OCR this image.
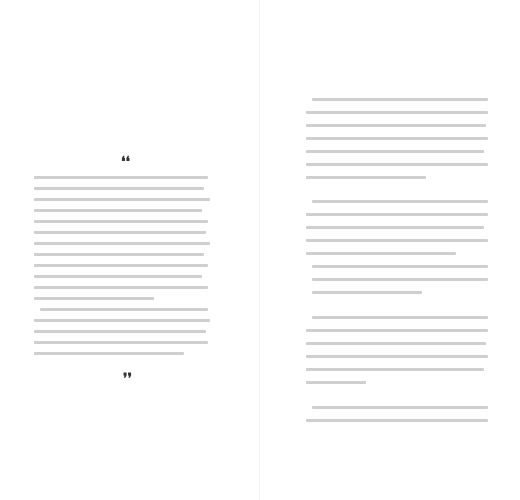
❛❛
❜❜
